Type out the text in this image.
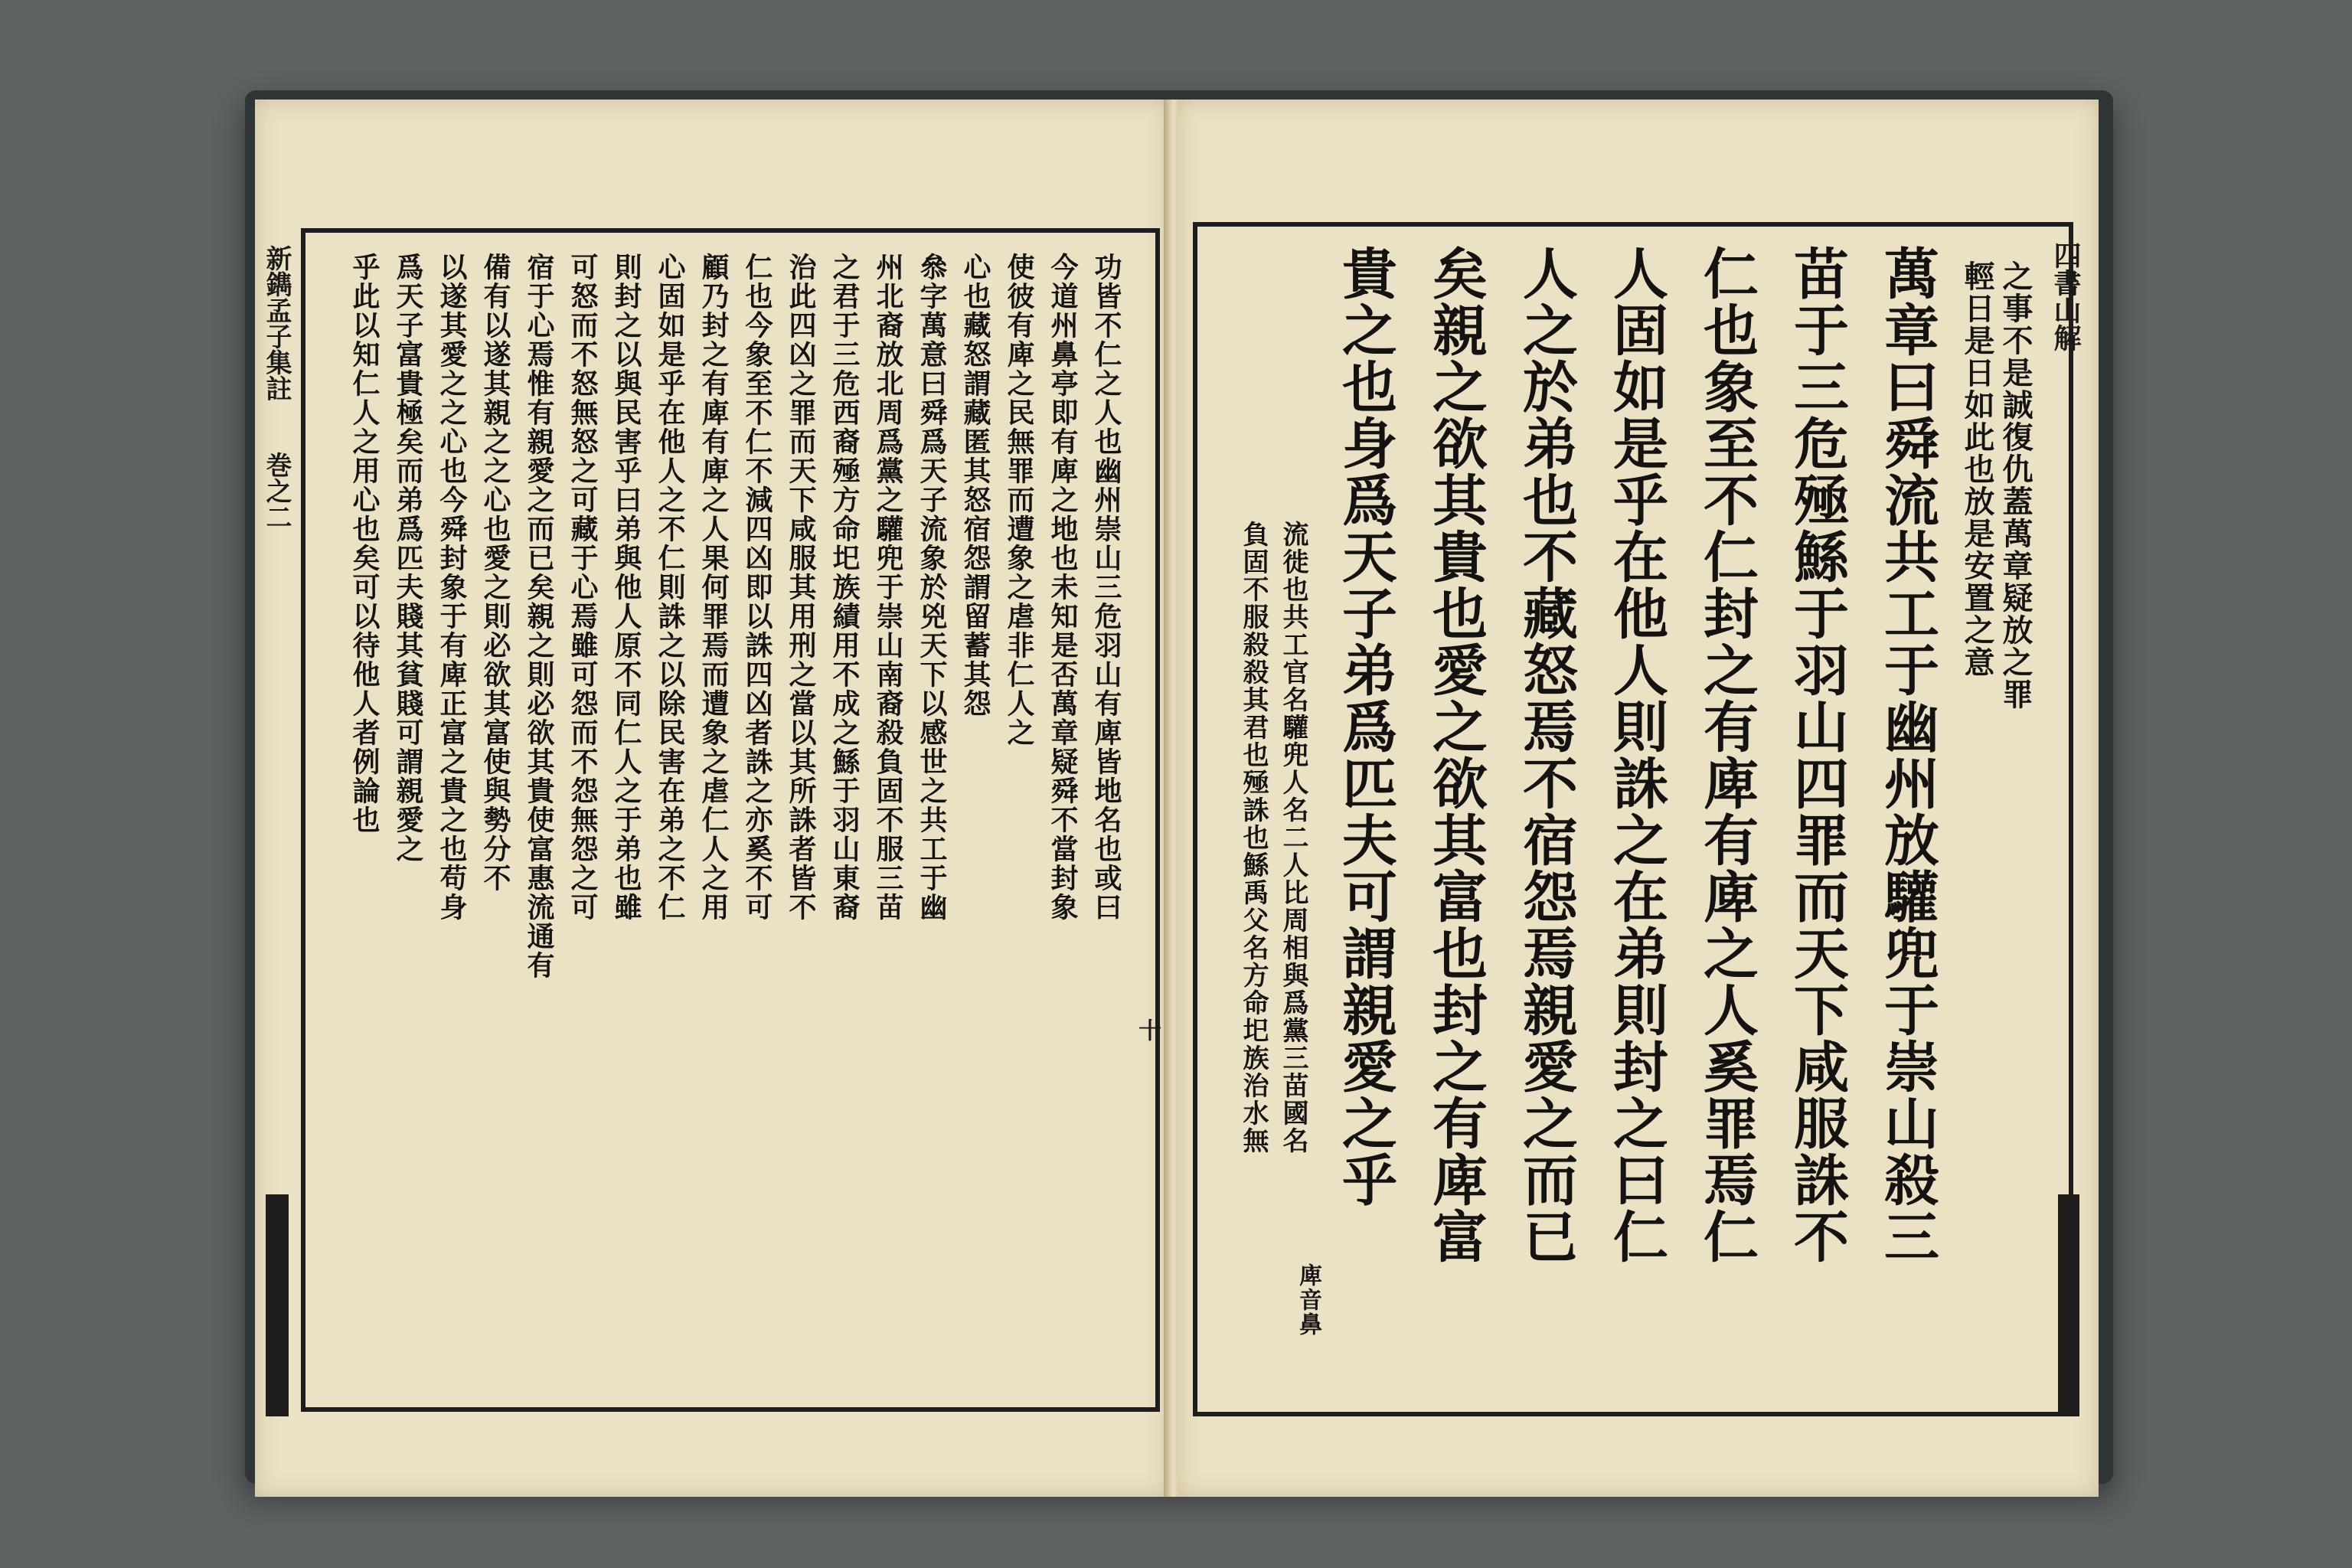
新鐫孟子集註
巻之二
十
功皆不仁之人也幽州崇山三危羽山有庳皆地名也或曰
今道州鼻亭即有庳之地也未知是否萬章疑舜不當封象
使彼有庳之民無罪而遭象之虐非仁人之
心也藏怒謂藏匿其怒宿怨謂留蓄其怨
叅字萬意曰舜爲天子流象於兇天下以感世之共工于幽
州北裔放北周爲黨之驩兜于崇山南裔殺負固不服三苗
之君于三危西裔殛方命圯族績用不成之鯀于羽山東裔
治此四凶之罪而天下咸服其用刑之當以其所誅者皆不
仁也今象至不仁不減四凶即以誅四凶者誅之亦奚不可
顧乃封之有庳有庳之人果何罪焉而遭象之虐仁人之用
心固如是乎在他人之不仁則誅之以除民害在弟之不仁
則封之以與民害乎曰弟與他人原不同仁人之于弟也雖
可怒而不怒無怒之可藏于心焉雖可怨而不怨無怨之可
宿于心焉惟有親愛之而已矣親之則必欲其貴使富惠流通有
備有以遂其親之之心也愛之則必欲其富使與勢分不
以遂其愛之之心也今舜封象于有庳正富之貴之也苟身
爲天子富貴極矣而弟爲匹夫賤其貧賤可謂親愛之
乎此以知仁人之用心也矣可以待他人者例論也	四書山解
之事不是誠復仇蓋萬章疑放之罪
輕日是日如此也放是安置之意
萬章曰舜流共工于幽州放驩兜于崇山殺三
苗于三危殛鯀于羽山四罪而天下咸服誅不
仁也象至不仁封之有庳有庳之人奚罪焉仁
人固如是乎在他人則誅之在弟則封之曰仁
人之於弟也不藏怒焉不宿怨焉親愛之而已
矣親之欲其貴也愛之欲其富也封之有庳富
貴之也身爲天子弟爲匹夫可謂親愛之乎
流徙也共工官名驩兜人名二人比周相與爲黨三苗國名
負固不服殺殺其君也殛誅也鯀禹父名方命圯族治水無
庳音鼻
